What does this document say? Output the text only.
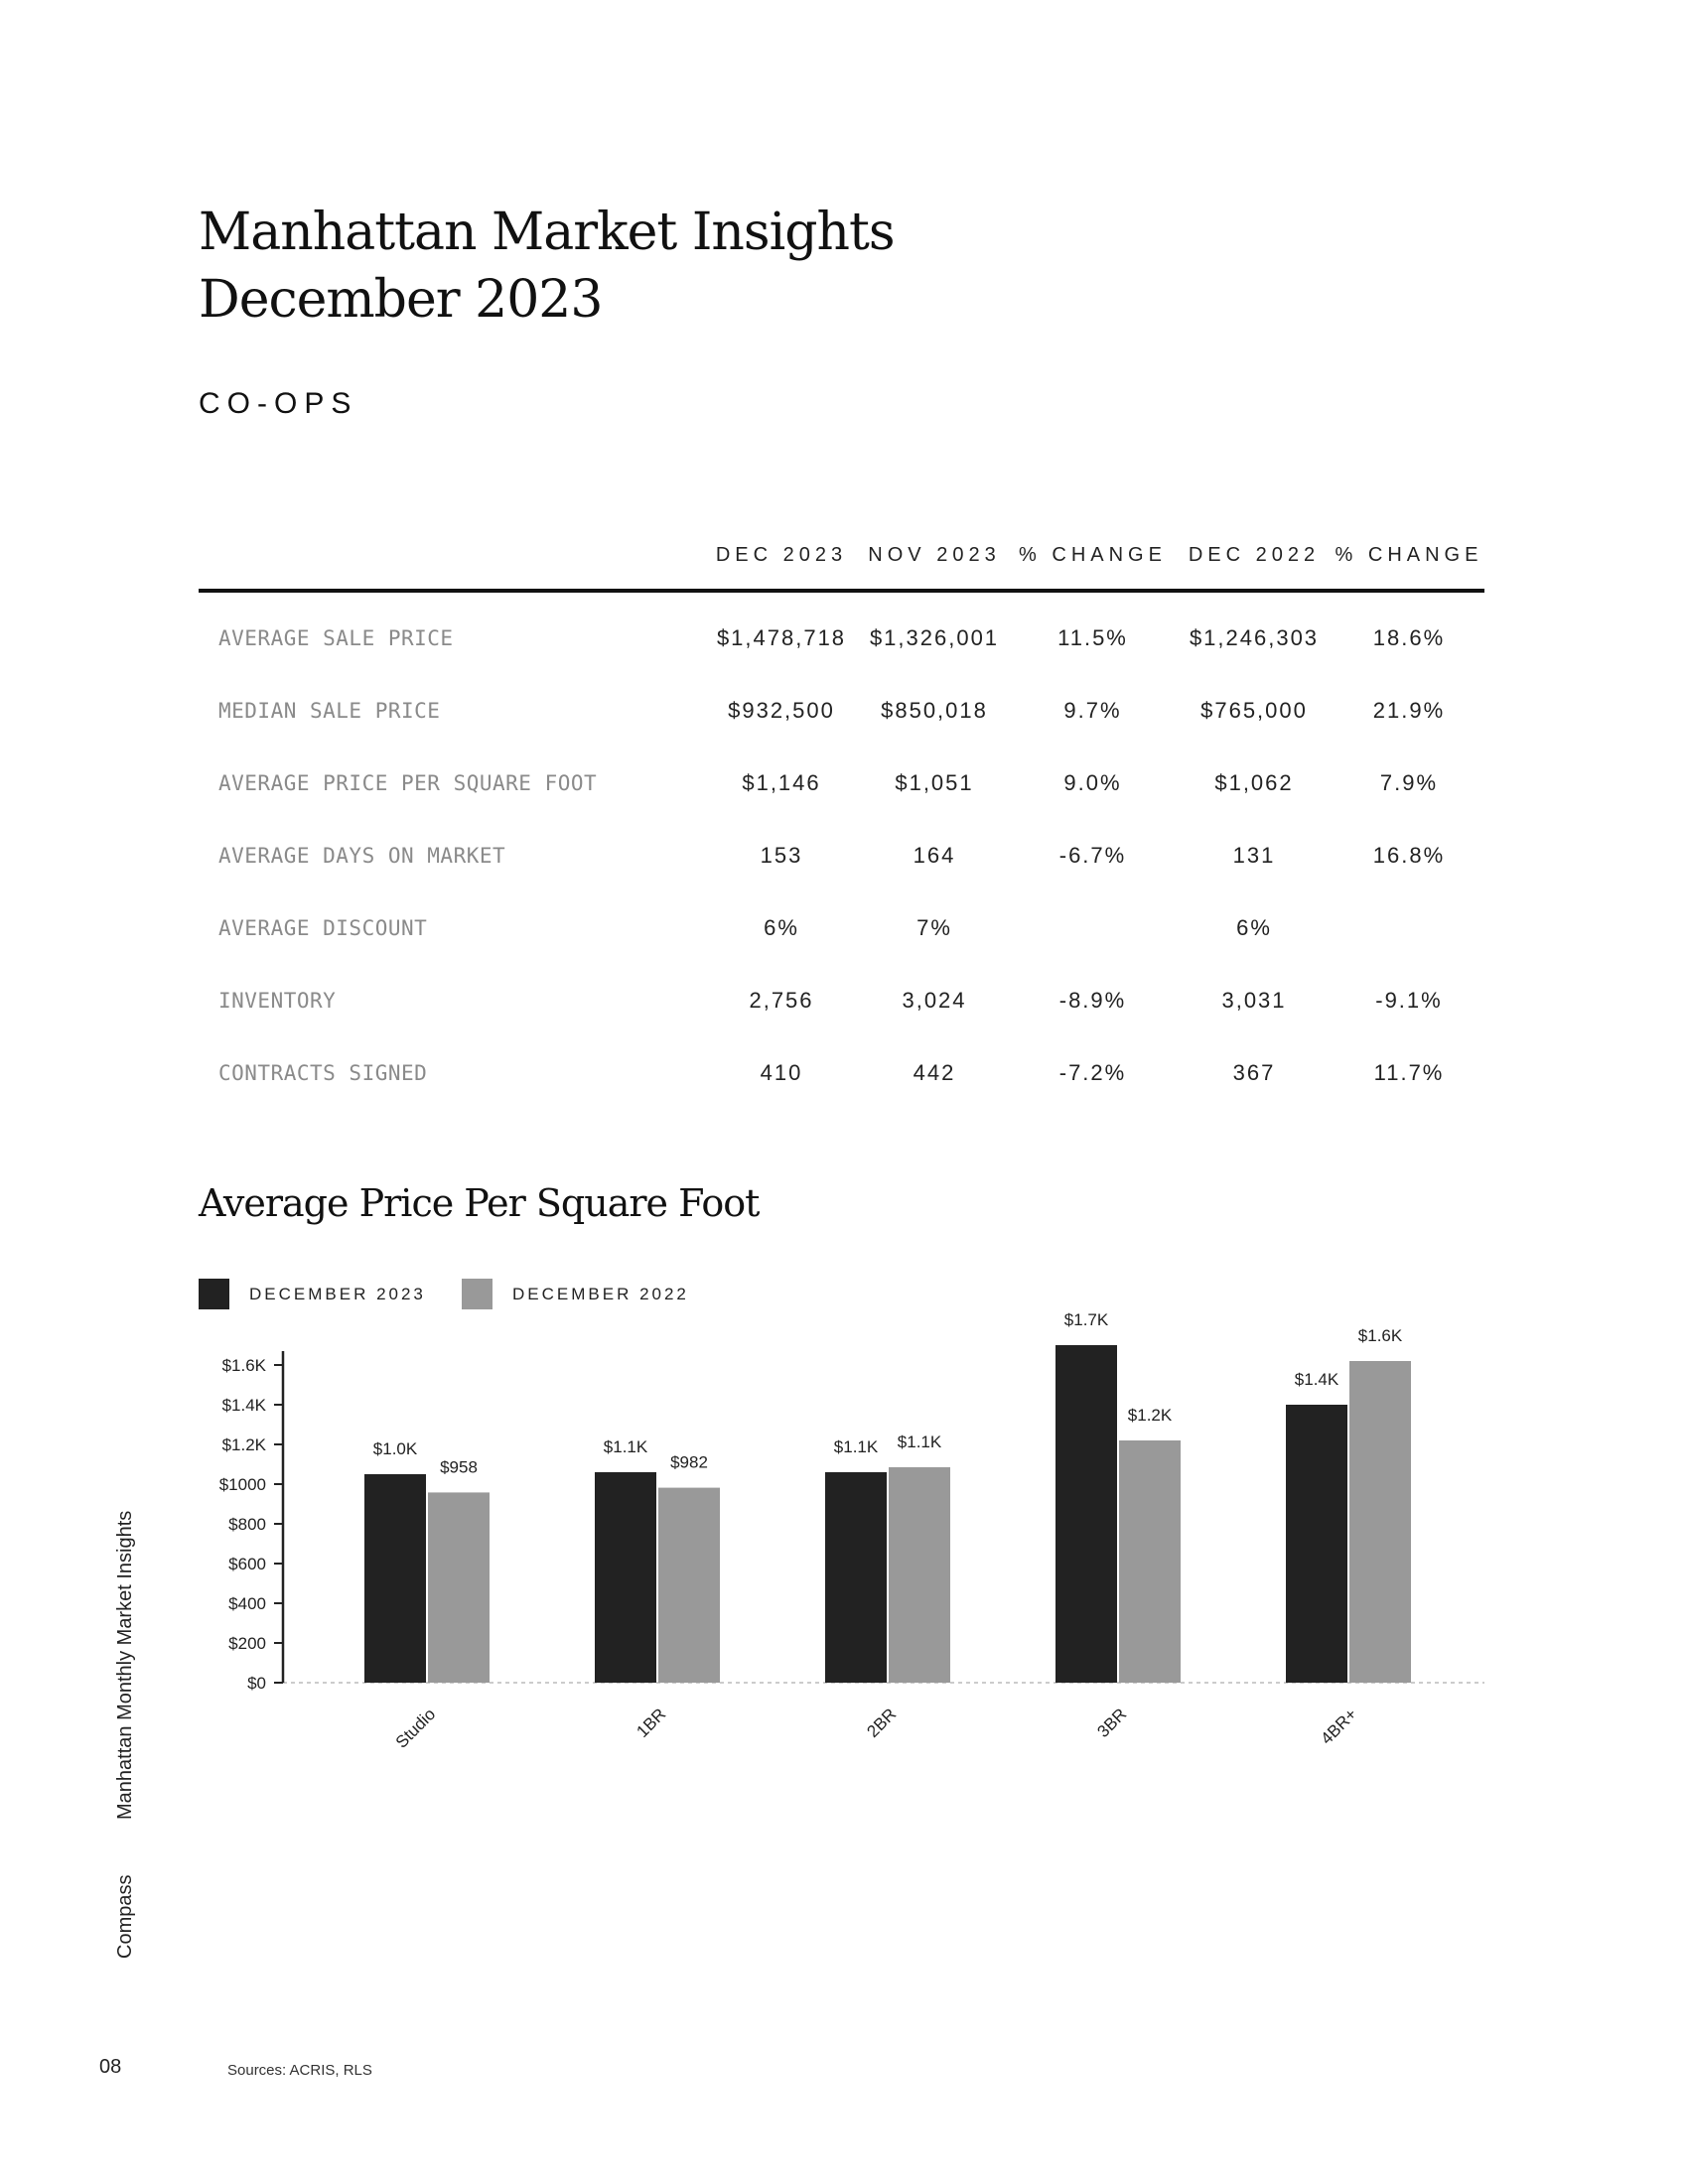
Manhattan Market Insights
December 2023
CO-OPS
	DEC 2023	NOV 2023	% CHANGE	DEC 2022	% CHANGE
AVERAGE SALE PRICE	$1,478,718	$1,326,001	11.5%	$1,246,303	18.6%
MEDIAN SALE PRICE	$932,500	$850,018	9.7%	$765,000	21.9%
AVERAGE PRICE PER SQUARE FOOT	$1,146	$1,051	9.0%	$1,062	7.9%
AVERAGE DAYS ON MARKET	153	164	-6.7%	131	16.8%
AVERAGE DISCOUNT	6%	7%		6%	
INVENTORY	2,756	3,024	-8.9%	3,031	-9.1%
CONTRACTS SIGNED	410	442	-7.2%	367	11.7%
Average Price Per Square Foot
DECEMBER 2023	DECEMBER 2022
$0
$200
$400
$600
$800
$1000
$1.2K
$1.4K
$1.6K
$1.0K
$958
Studio
$1.1K
$982
1BR
$1.1K $1.1K
2BR
$1.7K
$1.2K
3BR
$1.4K
$1.6K
4BR+
Compass
Manhattan Monthly Market Insights
08	Sources: ACRIS, RLS
